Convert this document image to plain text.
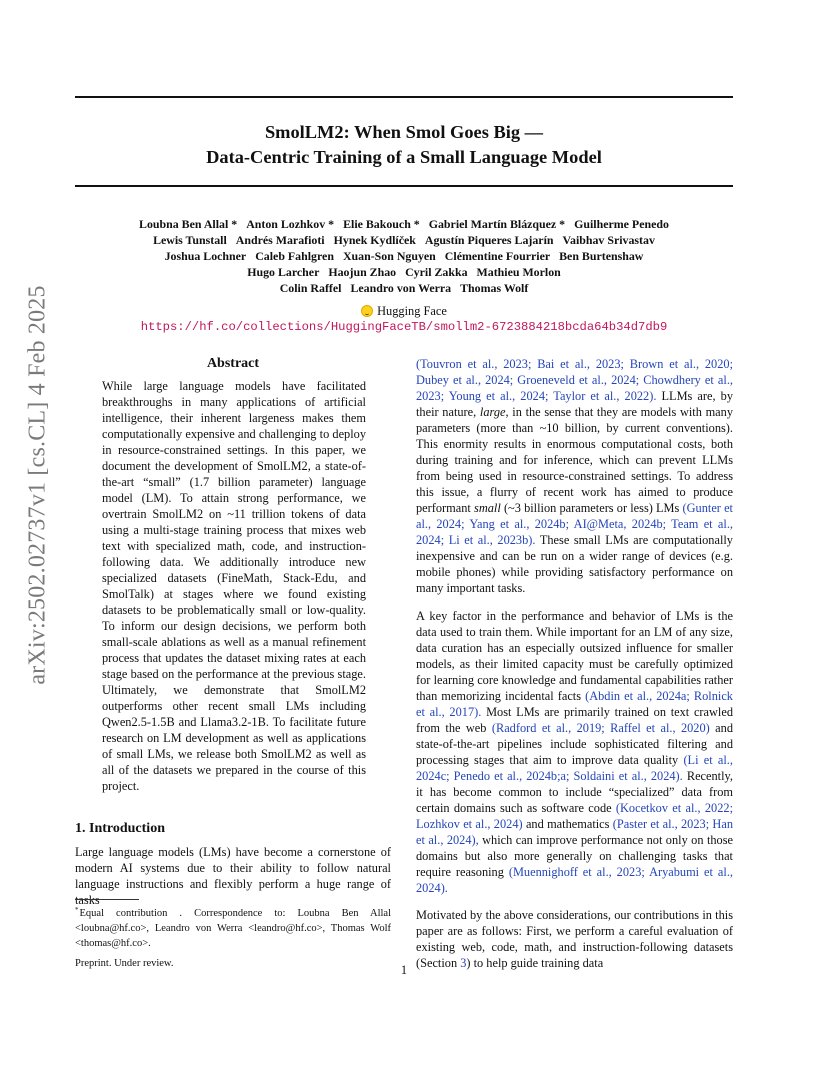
arXiv:2502.02737v1 [cs.CL] 4 Feb 2025
SmolLM2: When Smol Goes Big —
Data-Centric Training of a Small Language Model
Loubna Ben Allal * Anton Lozhkov * Elie Bakouch * Gabriel Martín Blázquez * Guilherme Penedo
Lewis Tunstall Andrés Marafioti Hynek Kydlíček Agustín Piqueres Lajarín Vaibhav Srivastav
Joshua Lochner Caleb Fahlgren Xuan-Son Nguyen Clémentine Fourrier Ben Burtenshaw
Hugo Larcher Haojun Zhao Cyril Zakka Mathieu Morlon
Colin Raffel Leandro von Werra Thomas Wolf
Hugging Face
https://hf.co/collections/HuggingFaceTB/smollm2-6723884218bcda64b34d7db9
Abstract
While large language models have facilitated breakthroughs in many applications of artificial intelligence, their inherent largeness makes them computationally expensive and challenging to deploy in resource-constrained settings. In this paper, we document the development of SmolLM2, a state-of-the-art “small” (1.7 billion parameter) language model (LM). To attain strong performance, we overtrain SmolLM2 on ~11 trillion tokens of data using a multi-stage training process that mixes web text with specialized math, code, and instruction-following data. We additionally introduce new specialized datasets (FineMath, Stack-Edu, and SmolTalk) at stages where we found existing datasets to be problematically small or low-quality. To inform our design decisions, we perform both small-scale ablations as well as a manual refinement process that updates the dataset mixing rates at each stage based on the performance at the previous stage. Ultimately, we demonstrate that SmolLM2 outperforms other recent small LMs including Qwen2.5-1.5B and Llama3.2-1B. To facilitate future research on LM development as well as applications of small LMs, we release both SmolLM2 as well as all of the datasets we prepared in the course of this project.
1. Introduction
Large language models (LMs) have become a cornerstone of modern AI systems due to their ability to follow natural language instructions and flexibly perform a huge range of tasks
*Equal contribution . Correspondence to: Loubna Ben Allal <loubna@hf.co>, Leandro von Werra <leandro@hf.co>, Thomas Wolf <thomas@hf.co>.
Preprint. Under review.
(Touvron et al., 2023; Bai et al., 2023; Brown et al., 2020; Dubey et al., 2024; Groeneveld et al., 2024; Chowdhery et al., 2023; Young et al., 2024; Taylor et al., 2022). LLMs are, by their nature, large, in the sense that they are models with many parameters (more than ~10 billion, by current conventions). This enormity results in enormous computational costs, both during training and for inference, which can prevent LLMs from being used in resource-constrained settings. To address this issue, a flurry of recent work has aimed to produce performant small (~3 billion parameters or less) LMs (Gunter et al., 2024; Yang et al., 2024b; AI@Meta, 2024b; Team et al., 2024; Li et al., 2023b). These small LMs are computationally inexpensive and can be run on a wider range of devices (e.g. mobile phones) while providing satisfactory performance on many important tasks.
A key factor in the performance and behavior of LMs is the data used to train them. While important for an LM of any size, data curation has an especially outsized influence for smaller models, as their limited capacity must be carefully optimized for learning core knowledge and fundamental capabilities rather than memorizing incidental facts (Abdin et al., 2024a; Rolnick et al., 2017). Most LMs are primarily trained on text crawled from the web (Radford et al., 2019; Raffel et al., 2020) and state-of-the-art pipelines include sophisticated filtering and processing stages that aim to improve data quality (Li et al., 2024c; Penedo et al., 2024b;a; Soldaini et al., 2024). Recently, it has become common to include “specialized” data from certain domains such as software code (Kocetkov et al., 2022; Lozhkov et al., 2024) and mathematics (Paster et al., 2023; Han et al., 2024), which can improve performance not only on those domains but also more generally on challenging tasks that require reasoning (Muennighoff et al., 2023; Aryabumi et al., 2024).
Motivated by the above considerations, our contributions in this paper are as follows: First, we perform a careful evaluation of existing web, code, math, and instruction-following datasets (Section 3) to help guide training data
1
